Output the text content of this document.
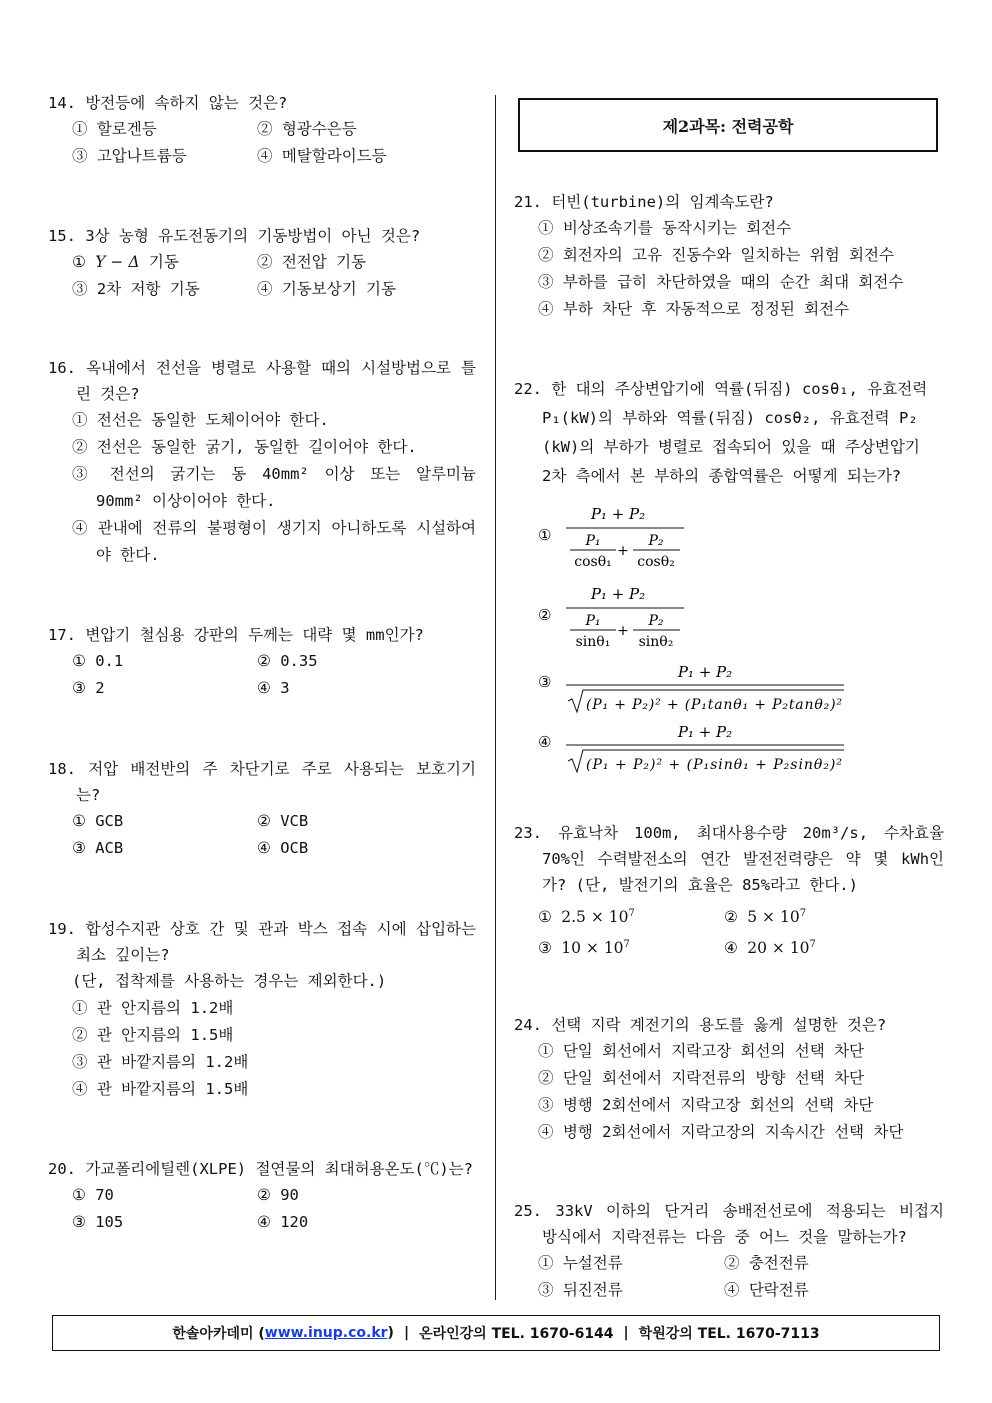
14. 방전등에 속하지 않는 것은?
① 할로겐등	② 형광수은등
③ 고압나트륨등	④ 메탈할라이드등
15. 3상 농형 유도전동기의 기동방법이 아닌 것은?
① Y − Δ 기동	② 전전압 기동
③ 2차 저항 기동	④ 기동보상기 기동
16. 옥내에서 전선을 병렬로 사용할 때의 시설방법으로 틀린 것은?
① 전선은 동일한 도체이어야 한다.
② 전선은 동일한 굵기, 동일한 길이어야 한다.
③ 전선의 굵기는 동 40mm² 이상 또는 알루미늄 90mm² 이상이어야 한다.
④ 관내에 전류의 불평형이 생기지 아니하도록 시설하여야 한다.
17. 변압기 철심용 강판의 두께는 대략 몇 mm인가?
① 0.1	② 0.35
③ 2	④ 3
18. 저압 배전반의 주 차단기로 주로 사용되는 보호기기는?
① GCB	② VCB
③ ACB	④ OCB
19. 합성수지관 상호 간 및 관과 박스 접속 시에 삽입하는 최소 깊이는?
(단, 접착제를 사용하는 경우는 제외한다.)
① 관 안지름의 1.2배
② 관 안지름의 1.5배
③ 관 바깥지름의 1.2배
④ 관 바깥지름의 1.5배
20. 가교폴리에틸렌(XLPE) 절연물의 최대허용온도(℃)는?
① 70	② 90
③ 105	④ 120
제2과목: 전력공학
21. 터빈(turbine)의 임계속도란?
① 비상조속기를 동작시키는 회전수
② 회전자의 고유 진동수와 일치하는 위험 회전수
③ 부하를 급히 차단하였을 때의 순간 최대 회전수
④ 부하 차단 후 자동적으로 정정된 회전수
22. 한 대의 주상변압기에 역률(뒤짐) cosθ₁, 유효전력
P₁(kW)의 부하와 역률(뒤짐) cosθ₂, 유효전력 P₂
(kW)의 부하가 병렬로 접속되어 있을 때 주상변압기
2차 측에서 본 부하의 종합역률은 어떻게 되는가?
①
P₁ + P₂
P₁
cosθ₁
+
P₂
cosθ₂
②
P₁ + P₂
P₁
sinθ₁
+
P₂
sinθ₂
③
P₁ + P₂
(P₁ + P₂)² + (P₁tanθ₁ + P₂tanθ₂)²
④
P₁ + P₂
(P₁ + P₂)² + (P₁sinθ₁ + P₂sinθ₂)²
23. 유효낙차 100m, 최대사용수량 20m³/s, 수차효율 70%인 수력발전소의 연간 발전전력량은 약 몇 kWh인가? (단, 발전기의 효율은 85%라고 한다.)
① $2.5 \times 10^7$	② $5 \times 10^7$
③ $10 \times 10^7$	④ $20 \times 10^7$
24. 선택 지락 계전기의 용도를 옳게 설명한 것은?
① 단일 회선에서 지락고장 회선의 선택 차단
② 단일 회선에서 지락전류의 방향 선택 차단
③ 병행 2회선에서 지락고장 회선의 선택 차단
④ 병행 2회선에서 지락고장의 지속시간 선택 차단
25. 33kV 이하의 단거리 송배전선로에 적용되는 비접지 방식에서 지락전류는 다음 중 어느 것을 말하는가?
① 누설전류	② 충전전류
③ 뒤진전류	④ 단락전류
한솔아카데미 ( www.inup.co.kr ) | 온라인강의 TEL. 1670-6144 | 학원강의 TEL. 1670-7113
